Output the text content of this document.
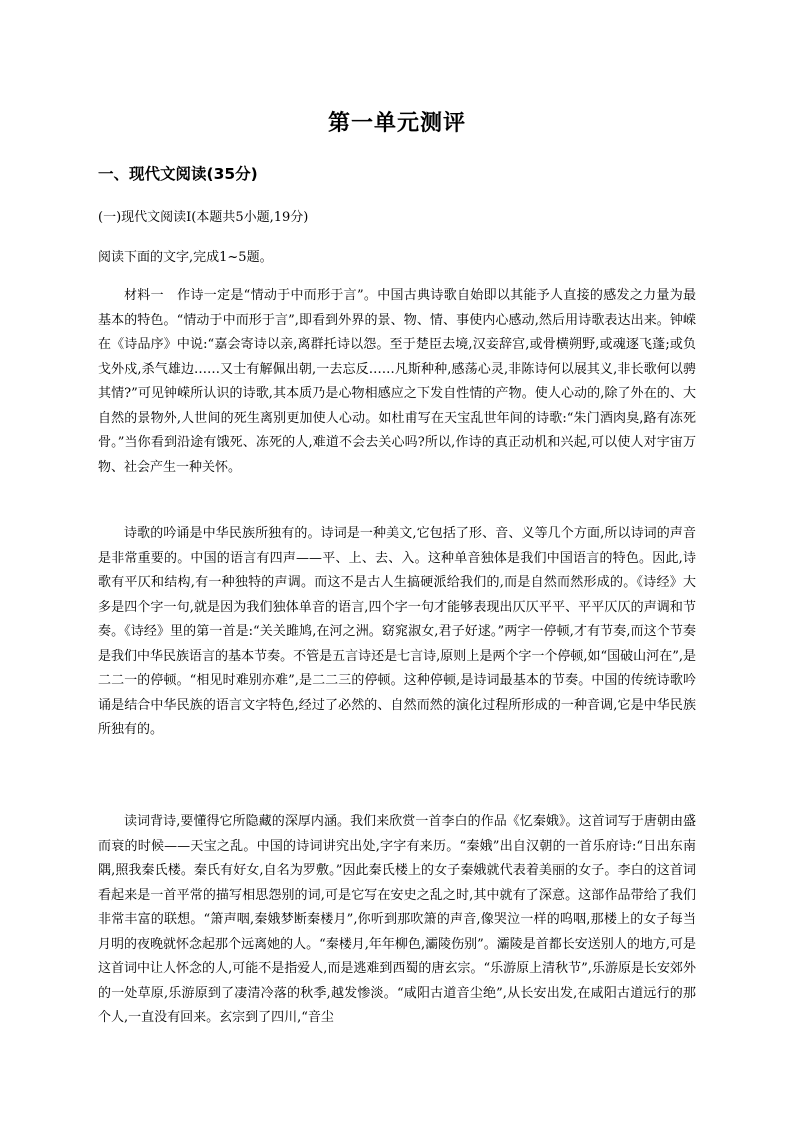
第一单元测评
一、现代文阅读(35分)
(一)现代文阅读Ⅰ(本题共5小题,19分)
阅读下面的文字,完成1~5题。

材料一　作诗一定是“情动于中而形于言”。中国古典诗歌自始即以其能予人直接的感发之力量为最基本的特色。“情动于中而形于言”,即看到外界的景、物、情、事使内心感动,然后用诗歌表达出来。钟嵘在《诗品序》中说:“嘉会寄诗以亲,离群托诗以怨。至于楚臣去境,汉妾辞宫,或骨横朔野,或魂逐飞蓬;或负戈外戍,杀气雄边……又士有解佩出朝,一去忘反……凡斯种种,感荡心灵,非陈诗何以展其义,非长歌何以骋其情?”可见钟嵘所认识的诗歌,其本质乃是心物相感应之下发自性情的产物。使人心动的,除了外在的、大自然的景物外,人世间的死生离别更加使人心动。如杜甫写在天宝乱世年间的诗歌:“朱门酒肉臭,路有冻死骨。”当你看到沿途有饿死、冻死的人,难道不会去关心吗?所以,作诗的真正动机和兴起,可以使人对宇宙万物、社会产生一种关怀。

诗歌的吟诵是中华民族所独有的。诗词是一种美文,它包括了形、音、义等几个方面,所以诗词的声音是非常重要的。中国的语言有四声——平、上、去、入。这种单音独体是我们中国语言的特色。因此,诗歌有平仄和结构,有一种独特的声调。而这不是古人生搞硬派给我们的,而是自然而然形成的。《诗经》大多是四个字一句,就是因为我们独体单音的语言,四个字一句才能够表现出仄仄平平、平平仄仄的声调和节奏。《诗经》里的第一首是:“关关雎鸠,在河之洲。窈窕淑女,君子好逑。”两字一停顿,才有节奏,而这个节奏是我们中华民族语言的基本节奏。不管是五言诗还是七言诗,原则上是两个字一个停顿,如“国破山河在”,是二二一的停顿。“相见时难别亦难”,是二二三的停顿。这种停顿,是诗词最基本的节奏。中国的传统诗歌吟诵是结合中华民族的语言文字特色,经过了必然的、自然而然的演化过程所形成的一种音调,它是中华民族所独有的。

读词背诗,要懂得它所隐藏的深厚内涵。我们来欣赏一首李白的作品《忆秦娥》。这首词写于唐朝由盛而衰的时候——天宝之乱。中国的诗词讲究出处,字字有来历。“秦娥”出自汉朝的一首乐府诗:“日出东南隅,照我秦氏楼。秦氏有好女,自名为罗敷。”因此秦氏楼上的女子秦娥就代表着美丽的女子。李白的这首词看起来是一首平常的描写相思怨别的词,可是它写在安史之乱之时,其中就有了深意。这部作品带给了我们非常丰富的联想。“箫声咽,秦娥梦断秦楼月”,你听到那吹箫的声音,像哭泣一样的呜咽,那楼上的女子每当月明的夜晚就怀念起那个远离她的人。“秦楼月,年年柳色,灞陵伤别”。灞陵是首都长安送别人的地方,可是这首词中让人怀念的人,可能不是指爱人,而是逃难到西蜀的唐玄宗。“乐游原上清秋节”,乐游原是长安郊外的一处草原,乐游原到了凄清冷落的秋季,越发惨淡。“咸阳古道音尘绝”,从长安出发,在咸阳古道远行的那个人,一直没有回来。玄宗到了四川,“音尘
